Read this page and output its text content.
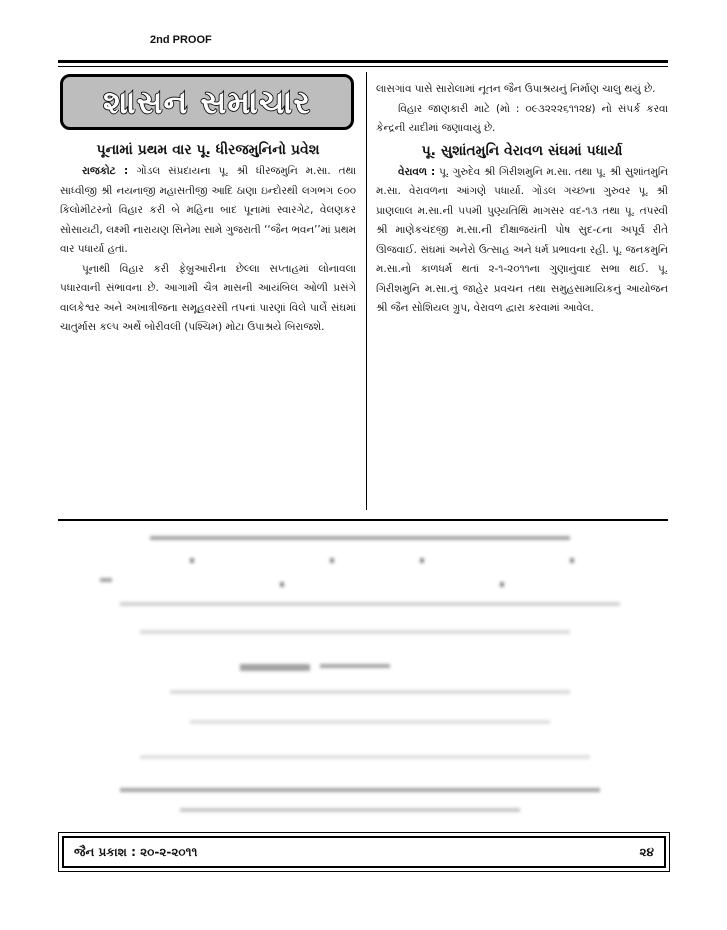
2nd PROOF
શાસન સમાચાર

પૂનામાં પ્રથમ વાર પૂ. ધીરજમુનિનો પ્રવેશ

રાજકોટ : ગોંડલ સંપ્રદાયના પૂ. શ્રી ધીરજમુનિ મ.સા. તથા સાધ્વીજી શ્રી નયનાજી મહાસતીજી આદિ ઠાણા ઇન્દોરથી લગભગ ૯૦૦ કિલોમીટરનો વિહાર કરી બે મહિના બાદ પૂનામાં સ્વારગેટ, વેલણકર સોસાયટી, લક્ષ્મી નારાયણ સિનેમા સામે ગુજરાતી ‘‘જૈન ભવન’’માં પ્રથમ વાર પધાર્યા હતાં.

પૂનાથી વિહાર કરી ફેબ્રુઆરીના છેલ્લા સપ્તાહમાં લોનાવલા પધારવાની સંભાવના છે. આગામી ચૈત્ર માસની આયંબિલ ઓળી પ્રસંગે વાલકેશ્વર અને અખાત્રીજના સમૂહવરસી તપનાં પારણાં વિલે પાર્લે સંઘમાં ચાતુર્માસ કલ્પ અર્થે બોરીવલી (પશ્ચિમ) મોટા ઉપાશ્રયે બિરાજશે.

લાસગાંવ પાસે સારોલામાં નૂતન જૈન ઉપાશ્રયનું નિર્માણ ચાલુ થયું છે.

વિહાર જાણકારી માટે (મો : ૦૯૩૨૨૨૬૧૧૨૪) નો સંપર્ક કરવા કેન્દ્રની યાદીમાં જણાવાયું છે.

પૂ. સુશાંતમુનિ વેરાવળ સંઘમાં પધાર્યા

વેરાવળ : પૂ. ગુરુદેવ શ્રી ગિરીશમુનિ મ.સા. તથા પૂ. શ્રી સુશાંતમુનિ મ.સા. વેરાવળના આંગણે પધાર્યા. ગોંડલ ગચ્છના ગુરુવર પૂ. શ્રી પ્રાણલાલ મ.સા.ની ૫૫મી પુણ્યતિથિ માગસર વદ-૧૩ તથા પૂ. તપસ્વી શ્રી માણેકચંદજી મ.સા.ની દીક્ષાજયંતી પોષ સુદ-૮ના અપૂર્વ રીતે ઊજવાઈ. સંઘમાં અનેરો ઉત્સાહ અને ધર્મ પ્રભાવના રહી. પૂ. જનકમુનિ મ.સા.નો કાળધર્મ થતાં ૨-૧-૨૦૧૧ના ગુણાનુંવાદ સભા થઈ. પૂ. ગિરીશમુનિ મ.સા.નું જાહેર પ્રવચન તથા સમુહસામાયિકનું આયોજન શ્રી જૈન સોશિયલ ગ્રુપ, વેરાવળ દ્વારા કરવામાં આવેલ.

જૈન પ્રકાશ : ૨૦-૨-૨૦૧૧	૨૪
